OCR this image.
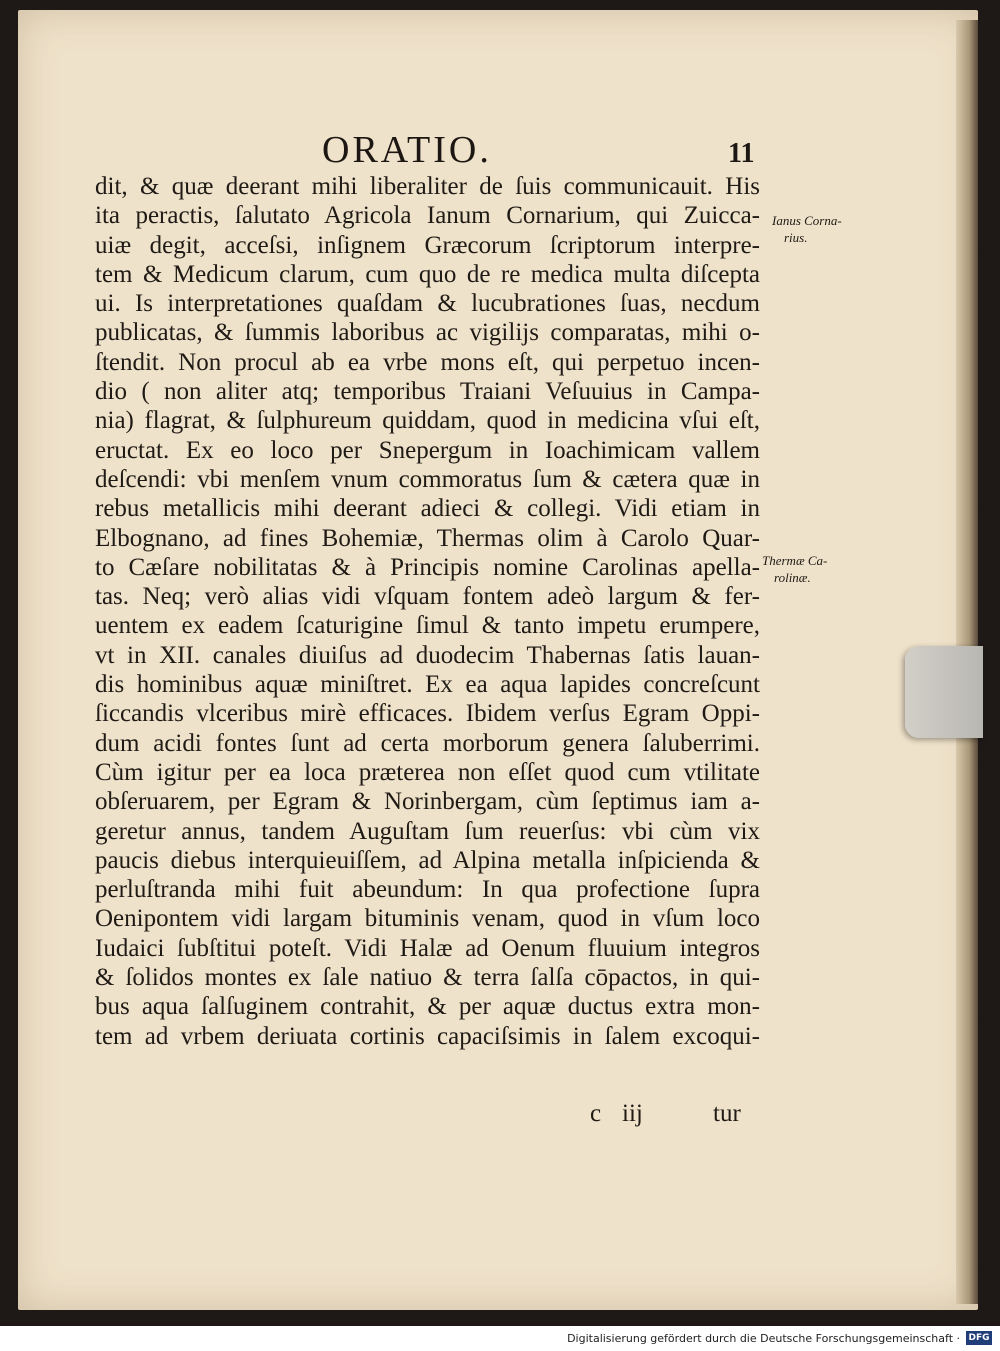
ORATIO.	11
dit, & quæ deerant mihi liberaliter de ſuis communicauit. His
ita peractis, ſalutato Agricola Ianum Cornarium, qui Zuicca-
uiæ degit, acceſsi, inſignem Græcorum ſcriptorum interpre-
tem & Medicum clarum, cum quo de re medica multa diſcepta
ui. Is interpretationes quaſdam & lucubrationes ſuas, necdum
publicatas, & ſummis laboribus ac vigilijs comparatas, mihi o-
ſtendit. Non procul ab ea vrbe mons eſt, qui perpetuo incen-
dio ( non aliter atq; temporibus Traiani Veſuuius in Campa-
nia) flagrat, & ſulphureum quiddam, quod in medicina vſui eſt,
eructat. Ex eo loco per Snepergum in Ioachimicam vallem
deſcendi: vbi menſem vnum commoratus ſum & cætera quæ in
rebus metallicis mihi deerant adieci & collegi. Vidi etiam in
Elbognano, ad fines Bohemiæ, Thermas olim à Carolo Quar-
to Cæſare nobilitatas & à Principis nomine Carolinas apella-
tas. Neq; verò alias vidi vſquam fontem adeò largum & fer-
uentem ex eadem ſcaturigine ſimul & tanto impetu erumpere,
vt in XII. canales diuiſus ad duodecim Thabernas ſatis lauan-
dis hominibus aquæ miniſtret. Ex ea aqua lapides concreſcunt
ſiccandis vlceribus mirè efficaces. Ibidem verſus Egram Oppi-
dum acidi fontes ſunt ad certa morborum genera ſaluberrimi.
Cùm igitur per ea loca præterea non eſſet quod cum vtilitate
obſeruarem, per Egram & Norinbergam, cùm ſeptimus iam a-
geretur annus, tandem Auguſtam ſum reuerſus: vbi cùm vix
paucis diebus interquieuiſſem, ad Alpina metalla inſpicienda &
perluſtranda mihi fuit abeundum: In qua profectione ſupra
Oenipontem vidi largam bituminis venam, quod in vſum loco
Iudaici ſubſtitui poteſt. Vidi Halæ ad Oenum fluuium integros
& ſolidos montes ex ſale natiuo & terra ſalſa cōpactos, in qui-
bus aqua ſalſuginem contrahit, & per aquæ ductus extra mon-
tem ad vrbem deriuata cortinis capaciſsimis in ſalem excoqui-
Ianus Corna-
rius.
Thermæ Ca-
rolinæ.
c iij	tur
Digitalisierung gefördert durch die Deutsche Forschungsgemeinschaft · DFG
